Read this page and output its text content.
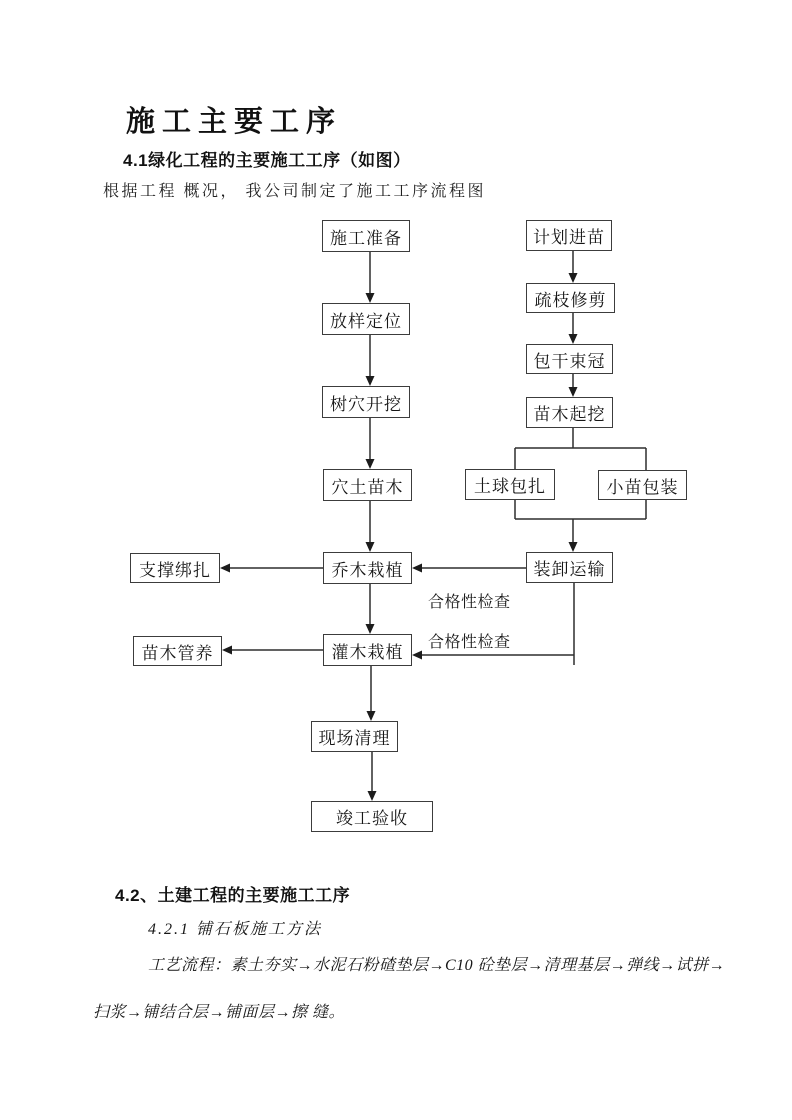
施工主要工序
4.1绿化工程的主要施工工序（如图）
根据工程 概况， 我公司制定了施工工序流程图
施工准备
放样定位
树穴开挖
穴土苗木
乔木栽植
灌木栽植
现场清理
竣工验收
支撑绑扎
苗木管养
计划进苗
疏枝修剪
包干束冠
苗木起挖
土球包扎	小苗包装
装卸运输
合格性检查
合格性检查
4.2、土建工程的主要施工工序
4.2.1 铺石板施工方法
工艺流程：素土夯实→水泥石粉碴垫层→C10 砼垫层→清理基层→弹线→试拼→
扫浆→铺结合层→铺面层→擦 缝。
